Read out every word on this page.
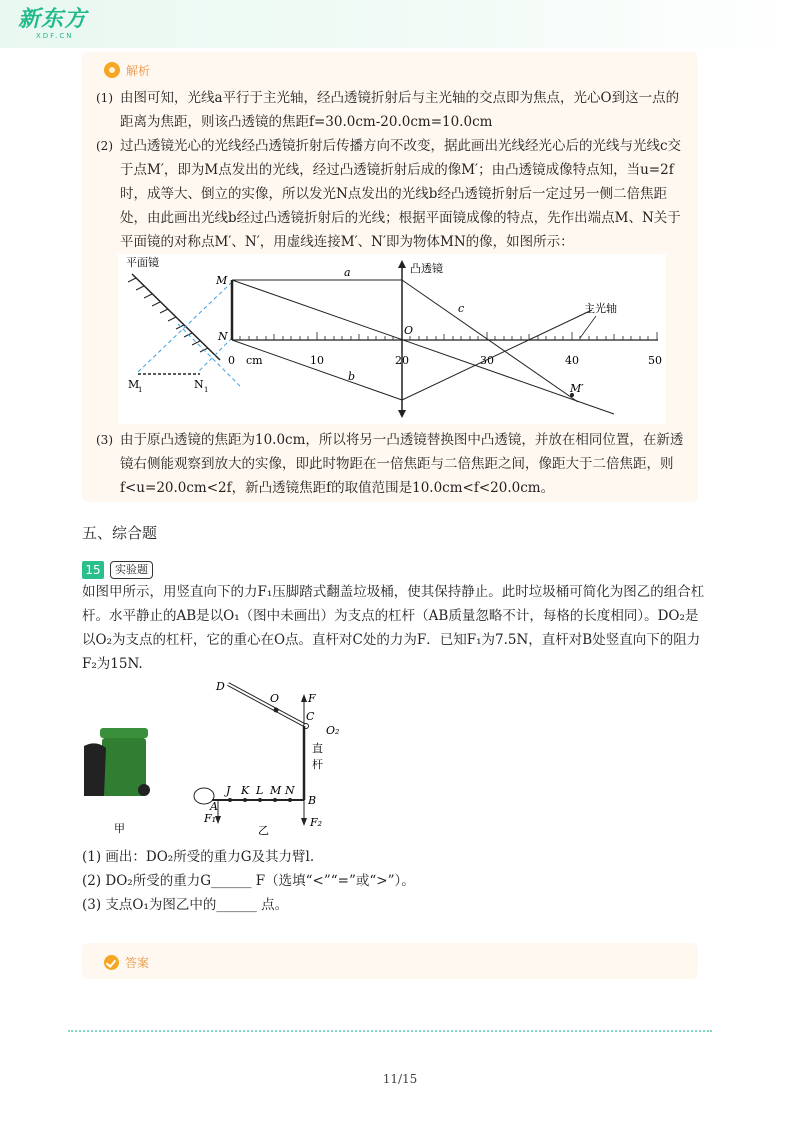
新东方
XDF.CN
解析
(1) 由图可知，光线a平行于主光轴，经凸透镜折射后与主光轴的交点即为焦点，光心O到这一点的距离为焦距，则该凸透镜的焦距f=30.0cm-20.0cm=10.0cm
(2) 过凸透镜光心的光线经凸透镜折射后传播方向不改变，据此画出光线经光心后的光线与光线c交于点M′，即为M点发出的光线，经过凸透镜折射后成的像M′；由凸透镜成像特点知，当u=2f时，成等大、倒立的实像，所以发光N点发出的光线b经凸透镜折射后一定过另一侧二倍焦距处，由此画出光线b经过凸透镜折射后的光线；根据平面镜成像的特点，先作出端点M、N关于平面镜的对称点M′、N′，用虚线连接M′、N′即为物体MN的像，如图所示：
(3) 由于原凸透镜的焦距为10.0cm，所以将另一凸透镜替换图中凸透镜，并放在相同位置，在新透镜右侧能观察到放大的实像，即此时物距在一倍焦距与二倍焦距之间，像距大于二倍焦距，则f<u=20.0cm<2f，新凸透镜焦距f的取值范围是10.0cm<f<20.0cm。
平面镜
M
1	N 1
M
N
0 cm	10	20	30	40	50
主光轴
凸透镜
O
a
c
b
M′
五、综合题
15	实验题
如图甲所示，用竖直向下的力F₁压脚踏式翻盖垃圾桶，使其保持静止。此时垃圾桶可简化为图乙的组合杠杆。水平静止的AB是以O₁（图中未画出）为支点的杠杆（AB质量忽略不计，每格的长度相同）。DO₂是以O₂为支点的杠杆，它的重心在O点。直杆对C处的力为F．已知F₁为7.5N，直杆对B处竖直向下的阻力F₂为15N.
甲
D
O	F
C
O₂
直
杆
A
J K L M N
B
F₁	F₂
乙
(1) 画出：DO₂所受的重力G及其力臂l.
(2) DO₂所受的重力G______ F（选填“<”“=”或“>”）。
(3) 支点O₁为图乙中的______ 点。
答案
11/15
